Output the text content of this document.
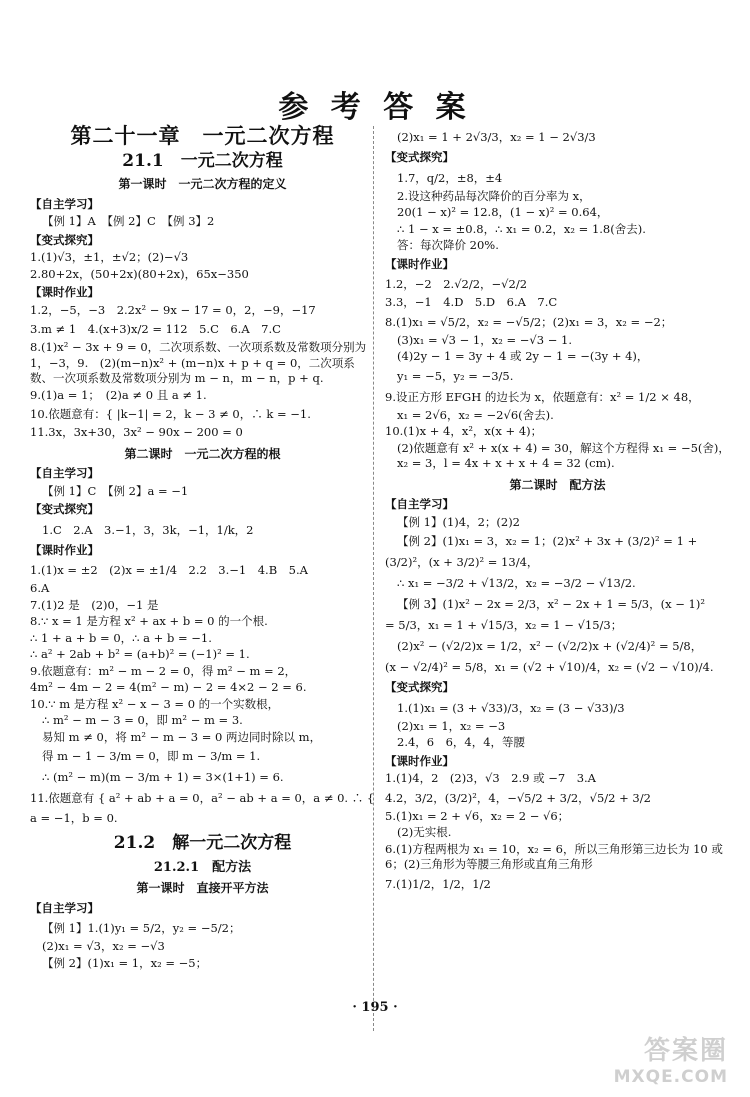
参 考 答 案
第二十一章　一元二次方程
21.1　一元二次方程
第一课时　一元二次方程的定义
【自主学习】
【例 1】A　【例 2】C　【例 3】2
【变式探究】
1.(1)√3，±1，±√2；(2)−√3
2.80+2x，(50+2x)(80+2x)，65x−350
【课时作业】
1.2，−5，−3　2.2x² − 9x − 17 = 0，2，−9，−17
3.m ≠ 1　4.(x+3)x/2 = 112　5.C　6.A　7.C
8.(1)x² − 3x + 9 = 0，二次项系数、一次项系数及常数项分别为 1，−3，9.　(2)(m−n)x² + (m−n)x + p + q = 0，二次项系数、一次项系数及常数项分别为 m − n，m − n，p + q.
9.(1)a = 1；　(2)a ≠ 0 且 a ≠ 1.
10.依题意有：{ |k−1| = 2，k − 3 ≠ 0，∴ k = −1.
11.3x，3x+30，3x² − 90x − 200 = 0
第二课时　一元二次方程的根
【自主学习】
【例 1】C　【例 2】a = −1
【变式探究】
1.C　2.A　3.−1，3，3k，−1，1/k，2
【课时作业】
1.(1)x = ±2　(2)x = ±1/4　2.2　3.−1　4.B　5.A
6.A
7.(1)2 是　(2)0，−1 是
8.∵ x = 1 是方程 x² + ax + b = 0 的一个根.
∴ 1 + a + b = 0，∴ a + b = −1.
∴ a² + 2ab + b² = (a+b)² = (−1)² = 1.
9.依题意有：m² − m − 2 = 0，得 m² − m = 2，
4m² − 4m − 2 = 4(m² − m) − 2 = 4×2 − 2 = 6.
10.∵ m 是方程 x² − x − 3 = 0 的一个实数根，
∴ m² − m − 3 = 0，即 m² − m = 3.
易知 m ≠ 0，将 m² − m − 3 = 0 两边同时除以 m，
得 m − 1 − 3/m = 0，即 m − 3/m = 1.
∴ (m² − m)(m − 3/m + 1) = 3×(1+1) = 6.
11.依题意有 { a² + ab + a = 0，a² − ab + a = 0，a ≠ 0. ∴ { a = −1，b = 0.
21.2　解一元二次方程
21.2.1　配方法
第一课时　直接开平方法
【自主学习】
【例 1】1.(1)y₁ = 5/2，y₂ = −5/2；
(2)x₁ = √3，x₂ = −√3
【例 2】(1)x₁ = 1，x₂ = −5；
(2)x₁ = 1 + 2√3/3，x₂ = 1 − 2√3/3
【变式探究】
1.7，q/2，±8，±4
2.设这种药品每次降价的百分率为 x，
20(1 − x)² = 12.8，(1 − x)² = 0.64，
∴ 1 − x = ±0.8，∴ x₁ = 0.2，x₂ = 1.8(舍去).
答：每次降价 20%.
【课时作业】
1.2，−2　2.√2/2，−√2/2
3.3，−1　4.D　5.D　6.A　7.C
8.(1)x₁ = √5/2，x₂ = −√5/2；(2)x₁ = 3，x₂ = −2；
(3)x₁ = √3 − 1，x₂ = −√3 − 1.
(4)2y − 1 = 3y + 4 或 2y − 1 = −(3y + 4)，
y₁ = −5，y₂ = −3/5.
9.设正方形 EFGH 的边长为 x，依题意有：x² = 1/2 × 48，
x₁ = 2√6，x₂ = −2√6(舍去).
10.(1)x + 4，x²，x(x + 4)；
(2)依题意有 x² + x(x + 4) = 30，解这个方程得 x₁ = −5(舍)，x₂ = 3，l = 4x + x + x + 4 = 32 (cm).
第二课时　配方法
【自主学习】
【例 1】(1)4，2；(2)2
【例 2】(1)x₁ = 3，x₂ = 1；(2)x² + 3x + (3/2)² = 1 +
(3/2)²，(x + 3/2)² = 13/4，
∴ x₁ = −3/2 + √13/2，x₂ = −3/2 − √13/2.
【例 3】(1)x² − 2x = 2/3，x² − 2x + 1 = 5/3，(x − 1)²
= 5/3，x₁ = 1 + √15/3，x₂ = 1 − √15/3；
(2)x² − (√2/2)x = 1/2，x² − (√2/2)x + (√2/4)² = 5/8，
(x − √2/4)² = 5/8，x₁ = (√2 + √10)/4，x₂ = (√2 − √10)/4.
【变式探究】
1.(1)x₁ = (3 + √33)/3，x₂ = (3 − √33)/3
(2)x₁ = 1，x₂ = −3
2.4，6　6，4，4，等腰
【课时作业】
1.(1)4，2　(2)3，√3　2.9 或 −7　3.A
4.2，3/2，(3/2)²，4，−√5/2 + 3/2，√5/2 + 3/2
5.(1)x₁ = 2 + √6，x₂ = 2 − √6；
(2)无实根.
6.(1)方程两根为 x₁ = 10，x₂ = 6，所以三角形第三边长为 10 或 6；(2)三角形为等腰三角形或直角三角形
7.(1)1/2，1/2，1/2
· 195 ·
答案圈
MXQE.COM
